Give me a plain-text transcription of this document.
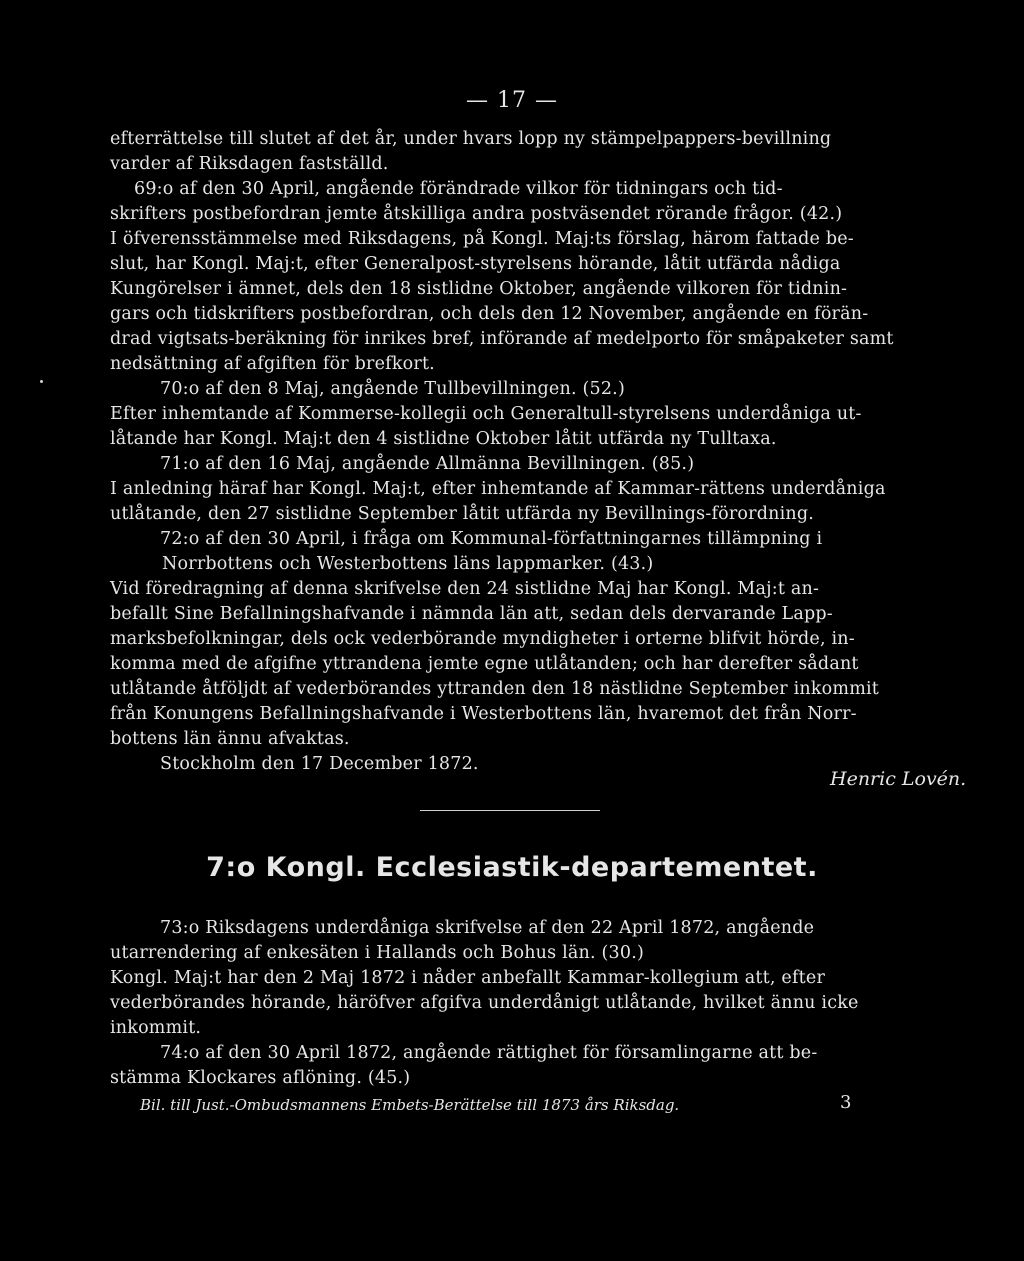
— 17 —
efterrättelse till slutet af det år, under hvars lopp ny stämpelpappers-bevillning
varder af Riksdagen fastställd.
69:o af den 30 April, angående förändrade vilkor för tidningars och tid-
skrifters postbefordran jemte åtskilliga andra postväsendet rörande frågor. (42.)
I öfverensstämmelse med Riksdagens, på Kongl. Maj:ts förslag, härom fattade be-
slut, har Kongl. Maj:t, efter Generalpost-styrelsens hörande, låtit utfärda nådiga
Kungörelser i ämnet, dels den 18 sistlidne Oktober, angående vilkoren för tidnin-
gars och tidskrifters postbefordran, och dels den 12 November, angående en förän-
drad vigtsats-beräkning för inrikes bref, införande af medelporto för småpaketer samt
nedsättning af afgiften för brefkort.
70:o af den 8 Maj, angående Tullbevillningen. (52.)
Efter inhemtande af Kommerse-kollegii och Generaltull-styrelsens underdåniga ut-
låtande har Kongl. Maj:t den 4 sistlidne Oktober låtit utfärda ny Tulltaxa.
71:o af den 16 Maj, angående Allmänna Bevillningen. (85.)
I anledning häraf har Kongl. Maj:t, efter inhemtande af Kammar-rättens underdåniga
utlåtande, den 27 sistlidne September låtit utfärda ny Bevillnings-förordning.
72:o af den 30 April, i fråga om Kommunal-författningarnes tillämpning i
Norrbottens och Westerbottens läns lappmarker. (43.)
Vid föredragning af denna skrifvelse den 24 sistlidne Maj har Kongl. Maj:t an-
befallt Sine Befallningshafvande i nämnda län att, sedan dels dervarande Lapp-
marksbefolkningar, dels ock vederbörande myndigheter i orterne blifvit hörde, in-
komma med de afgifne yttrandena jemte egne utlåtanden; och har derefter sådant
utlåtande åtföljdt af vederbörandes yttranden den 18 nästlidne September inkommit
från Konungens Befallningshafvande i Westerbottens län, hvaremot det från Norr-
bottens län ännu afvaktas.
Stockholm den 17 December 1872.
73:o Riksdagens underdåniga skrifvelse af den 22 April 1872, angående
utarrendering af enkesäten i Hallands och Bohus län. (30.)
Kongl. Maj:t har den 2 Maj 1872 i nåder anbefallt Kammar-kollegium att, efter
vederbörandes hörande, häröfver afgifva underdånigt utlåtande, hvilket ännu icke
inkommit.
74:o af den 30 April 1872, angående rättighet för församlingarne att be-
stämma Klockares aflöning. (45.)
Henric Lovén.
7:o Kongl. Ecclesiastik-departementet.
Bil. till Just.-Ombudsmannens Embets-Berättelse till 1873 års Riksdag.	3
